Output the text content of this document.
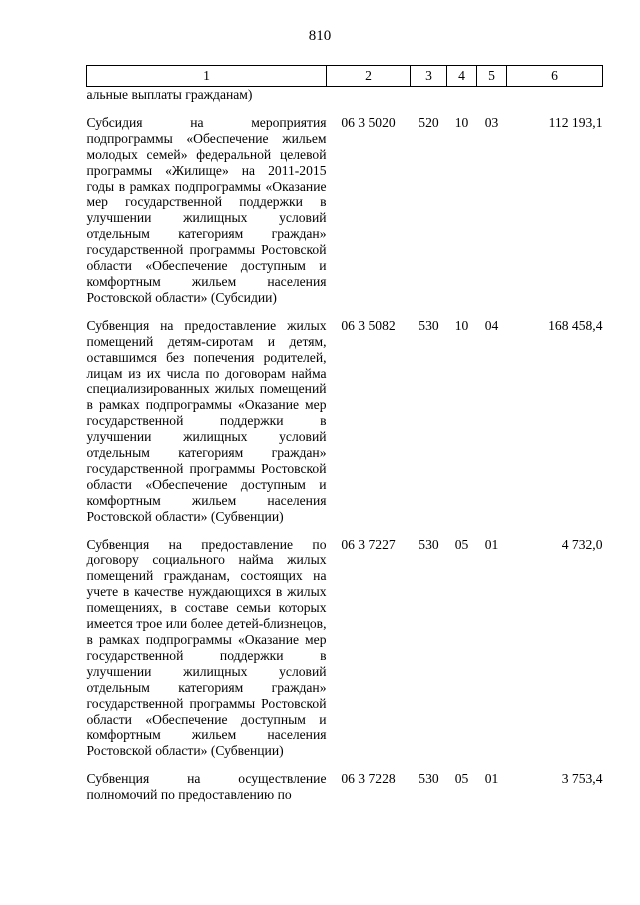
810
1	2	3	4	5	6
альные выплаты гражданам)					
Субсидия на мероприятия подпрограммы «Обеспечение жильем молодых семей» федеральной целевой программы «Жилище» на 2011-2015 годы в рамках подпрограммы «Оказание мер государственной поддержки в улучшении жилищных условий отдельным категориям граждан» государственной программы Ростовской области «Обеспечение доступным и комфортным жильем населения Ростовской области» (Субсидии)	06 3 5020	520	10	03	112 193,1
Субвенция на предоставление жилых помещений детям-сиротам и детям, оставшимся без попечения родителей, лицам из их числа по договорам найма специализированных жилых помещений в рамках подпрограммы «Оказание мер государственной поддержки в улучшении жилищных условий отдельным категориям граждан» государственной программы Ростовской области «Обеспечение доступным и комфортным жильем населения Ростовской области» (Субвенции)	06 3 5082	530	10	04	168 458,4
Субвенция на предоставление по договору социального найма жилых помещений гражданам, состоящих на учете в качестве нуждающихся в жилых помещениях, в составе семьи которых имеется трое или более детей-близнецов, в рамках подпрограммы «Оказание мер государственной поддержки в улучшении жилищных условий отдельным категориям граждан» государственной программы Ростовской области «Обеспечение доступным и комфортным жильем населения Ростовской области» (Субвенции)	06 3 7227	530	05	01	4 732,0
Субвенция на осуществление полномочий по предоставлению по	06 3 7228	530	05	01	3 753,4
